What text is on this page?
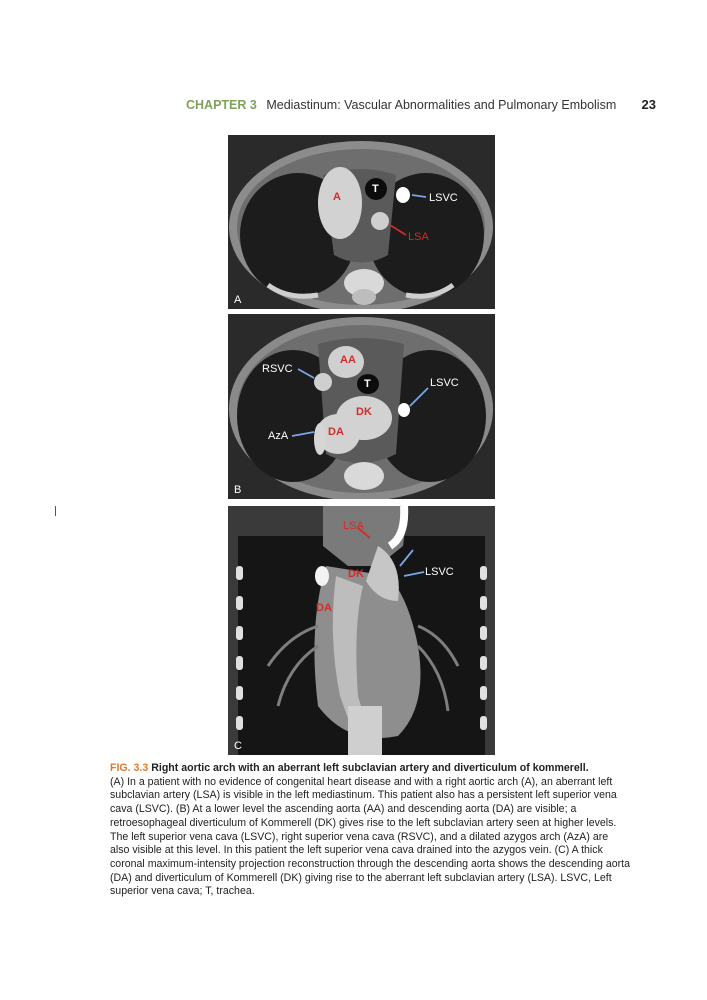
CHAPTER 3 Mediastinum: Vascular Abnormalities and Pulmonary Embolism 23
A
T
LSVC
LSA
A
AA
T
RSVC
LSVC
DK
AzA	DA
B
LSA
DK	LSVC
DA
C
FIG. 3.3 Right aortic arch with an aberrant left subclavian artery and diverticulum of kommerell.
(A) In a patient with no evidence of congenital heart disease and with a right aortic arch (A), an aberrant left subclavian artery (LSA) is visible in the left mediastinum. This patient also has a persistent left superior vena cava (LSVC). (B) At a lower level the ascending aorta (AA) and descending aorta (DA) are visible; a retroesophageal diverticulum of Kommerell (DK) gives rise to the left subclavian artery seen at higher levels. The left superior vena cava (LSVC), right superior vena cava (RSVC), and a dilated azygos arch (AzA) are also visible at this level. In this patient the left superior vena cava drained into the azygos vein. (C) A thick coronal maximum-intensity projection reconstruction through the descending aorta shows the descending aorta (DA) and diverticulum of Kommerell (DK) giving rise to the aberrant left subclavian artery (LSA). LSVC, Left superior vena cava; T, trachea.
